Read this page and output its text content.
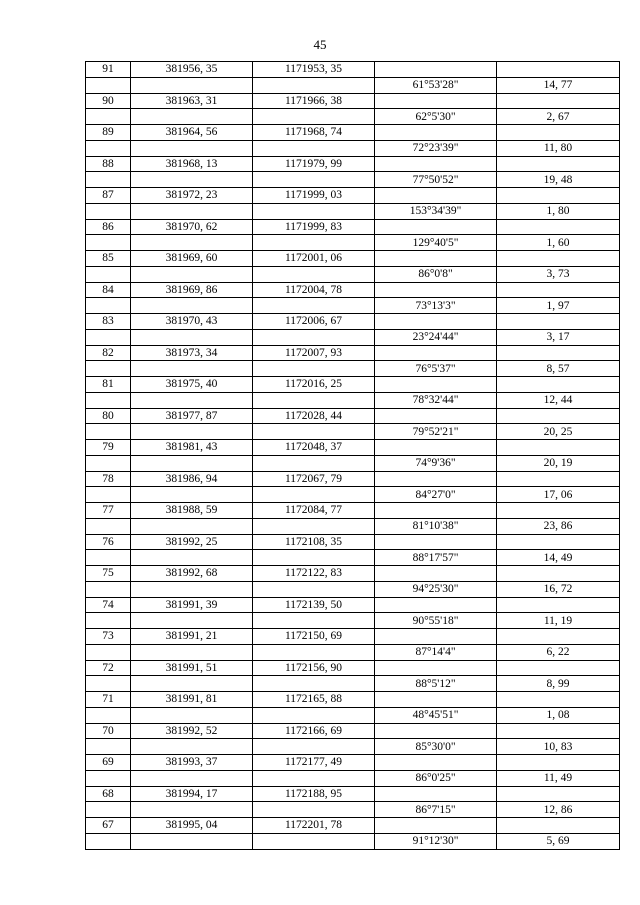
45
91	381956, 35	1171953, 35		
			61°53'28"	14, 77
90	381963, 31	1171966, 38		
			62°5'30"	2, 67
89	381964, 56	1171968, 74		
			72°23'39"	11, 80
88	381968, 13	1171979, 99		
			77°50'52"	19, 48
87	381972, 23	1171999, 03		
			153°34'39"	1, 80
86	381970, 62	1171999, 83		
			129°40'5"	1, 60
85	381969, 60	1172001, 06		
			86°0'8"	3, 73
84	381969, 86	1172004, 78		
			73°13'3"	1, 97
83	381970, 43	1172006, 67		
			23°24'44"	3, 17
82	381973, 34	1172007, 93		
			76°5'37"	8, 57
81	381975, 40	1172016, 25		
			78°32'44"	12, 44
80	381977, 87	1172028, 44		
			79°52'21"	20, 25
79	381981, 43	1172048, 37		
			74°9'36"	20, 19
78	381986, 94	1172067, 79		
			84°27'0"	17, 06
77	381988, 59	1172084, 77		
			81°10'38"	23, 86
76	381992, 25	1172108, 35		
			88°17'57"	14, 49
75	381992, 68	1172122, 83		
			94°25'30"	16, 72
74	381991, 39	1172139, 50		
			90°55'18"	11, 19
73	381991, 21	1172150, 69		
			87°14'4"	6, 22
72	381991, 51	1172156, 90		
			88°5'12"	8, 99
71	381991, 81	1172165, 88		
			48°45'51"	1, 08
70	381992, 52	1172166, 69		
			85°30'0"	10, 83
69	381993, 37	1172177, 49		
			86°0'25"	11, 49
68	381994, 17	1172188, 95		
			86°7'15"	12, 86
67	381995, 04	1172201, 78		
			91°12'30"	5, 69
